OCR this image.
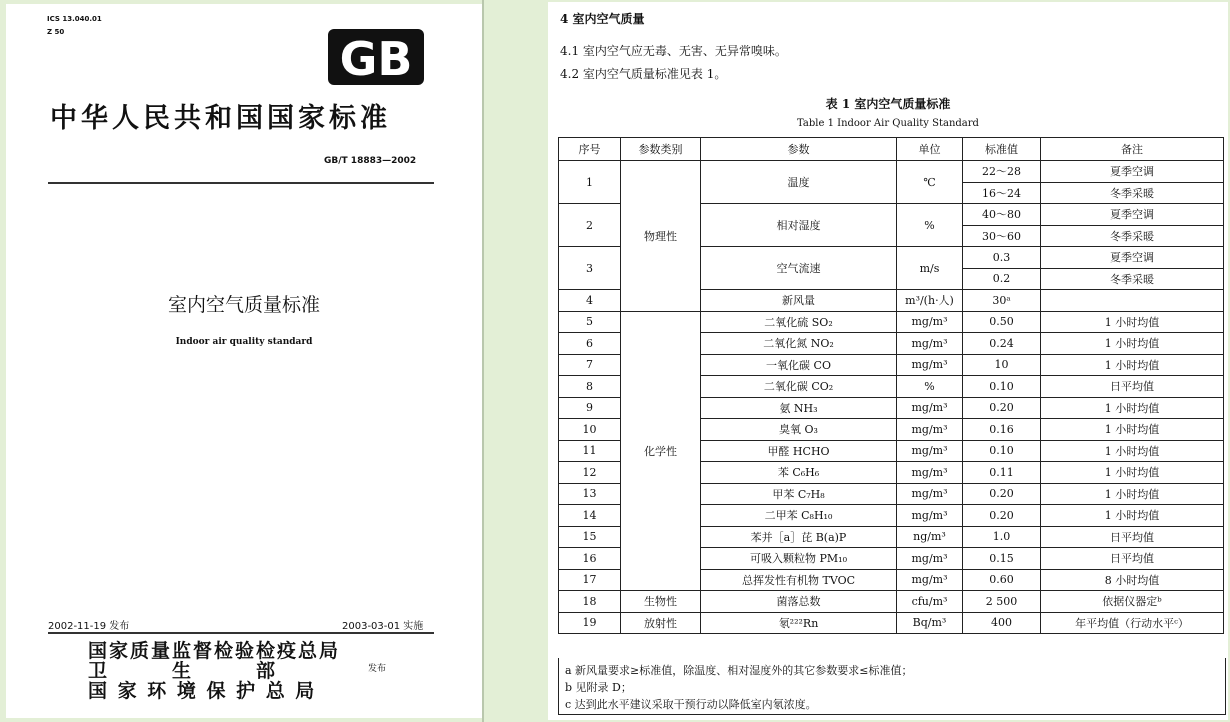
ICS 13.040.01
Z 50	GB
中华人民共和国国家标准
GB/T 18883—2002
室内空气质量标准
Indoor air quality standard
2002-11-19 发布	2003-03-01 实施
国家质量监督检验检疫总局
卫　　　生　　　部
国 家 环 境 保 护 总 局
发布
4 室内空气质量
4.1 室内空气应无毒、无害、无异常嗅味。
4.2 室内空气质量标准见表 1。
表 1 室内空气质量标准
Table 1 Indoor Air Quality Standard
序号	参数类别	参数	单位	标准值	备注
1	物理性	温度	℃	22～28	夏季空调
				16～24	冬季采暖
2		相对湿度	%	40～80	夏季空调
				30～60	冬季采暖
3		空气流速	m/s	0.3	夏季空调
				0.2	冬季采暖
4		新风量	m³/(h·人)	30ᵃ	
5	化学性	二氧化硫 SO₂	mg/m³	0.50	1 小时均值
6		二氧化氮 NO₂	mg/m³	0.24	1 小时均值
7		一氧化碳 CO	mg/m³	10	1 小时均值
8		二氧化碳 CO₂	%	0.10	日平均值
9		氨 NH₃	mg/m³	0.20	1 小时均值
10		臭氧 O₃	mg/m³	0.16	1 小时均值
11		甲醛 HCHO	mg/m³	0.10	1 小时均值
12		苯 C₆H₆	mg/m³	0.11	1 小时均值
13		甲苯 C₇H₈	mg/m³	0.20	1 小时均值
14		二甲苯 C₈H₁₀	mg/m³	0.20	1 小时均值
15		苯并［a］芘 B(a)P	ng/m³	1.0	日平均值
16		可吸入颗粒物 PM₁₀	mg/m³	0.15	日平均值
17		总挥发性有机物 TVOC	mg/m³	0.60	8 小时均值
18	生物性	菌落总数	cfu/m³	2 500	依据仪器定ᵇ
19	放射性	氡²²²Rn	Bq/m³	400	年平均值（行动水平ᶜ）
a 新风量要求≥标准值，除温度、相对湿度外的其它参数要求≤标准值；
b 见附录 D；
c 达到此水平建议采取干预行动以降低室内氡浓度。
